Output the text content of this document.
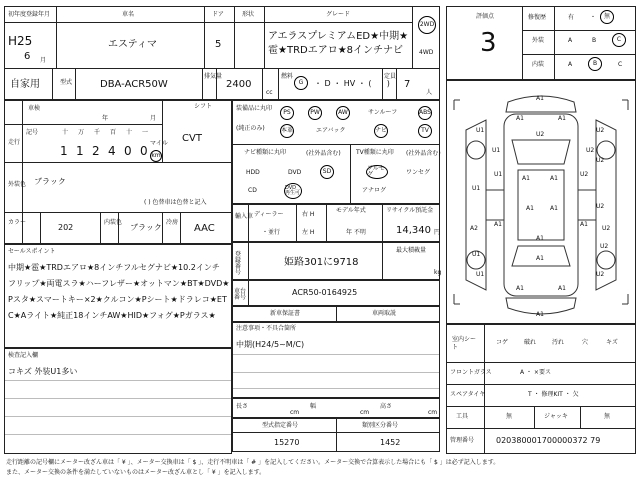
初年度登録年月
H25
6 月
車名
エスティマ
ドア
5
形状	グレード
アエラスプレミアムED★中期★
雹★TRDエアロ★8インチナビ
2WD
4WD
自家用	型式	DBA-ACR50W
排気量
2400
cc
燃料
G ・ D ・ HV ・ (      )
定員
7
人
車検
年	月
シフト
CVT
走行
記号	十 万 千 百 十 一
1 1 2 4 0 0
マイル
km
外装色 ブラック
( ) 色替車は色替と記入
カラー
202
内装色
ブラック
冷房
AAC
セールスポイント
中期★雹★TRDエアロ★8インチフルセグナビ★10.2インチ
フリップ★両電スラ★ハーフレザー★オットマン★BT★DVD★
Pスタ★スマートキー×2★クルコン★Pシート★ドラレコ★ET
C★Aライト★純正18インチAW★HID★フォグ★Pガラス★
検査記入欄
コキズ 外装U1多い
装備品に丸印
(純正のみ)
PS	PW	AW	サンルーフ	ABS
本革	エアバック	ナビ	TV
ナビ種類に丸印	(社外品含む)
HDD	DVD	SD
CD	DVD再生可
TV種類に丸印 (社外品含む)
フルセグ	ワンセグ
アナログ
輸入車 ディーラー
・並行
右 H
左 H
モデル年式
年 不明
リサイクル預託金
14,340 円
登録番号
姫路301に9718
最大積載量
kg
車台番号
ACR50-0164925
新車保証書	車両取説
注意事項・不具合箇所
中期(H24/5~M/C)
長さ
cm
幅
cm
高さ
cm
型式指定番号
15270
類別区分番号
1452
評価点
3
修復歴	有	・ 無
外装	A	B	C
内装	A	B	C
A1
A1	A1
U1	U2
U2
U1	U2
U1	U2
U2
U1
A1	A1
U2
A1	A1
U2
A2
A1	A1
U1
A1
U2
U2
A1
U1
A1	A1
A1
室内シート
コゲ	破れ	汚れ	穴	キズ
フロントガラス	A ・ ×要ス
スペアタイヤ	T ・ 修理KIT ・ 欠
工具	無	ジャッキ	無
管理番号	020380001700000372 79
走行距離の記号欄にメーター改ざん車は「 ¥ 」、メーター交換車は「 $ 」、走行不明車は「 # 」を記入してください。メーター交換で合算表示した場合にも「 $ 」は必ず記入します。
また、メーター交換の条件を満たしていないものはメーター改ざん車とし「 ¥ 」を記入します。
